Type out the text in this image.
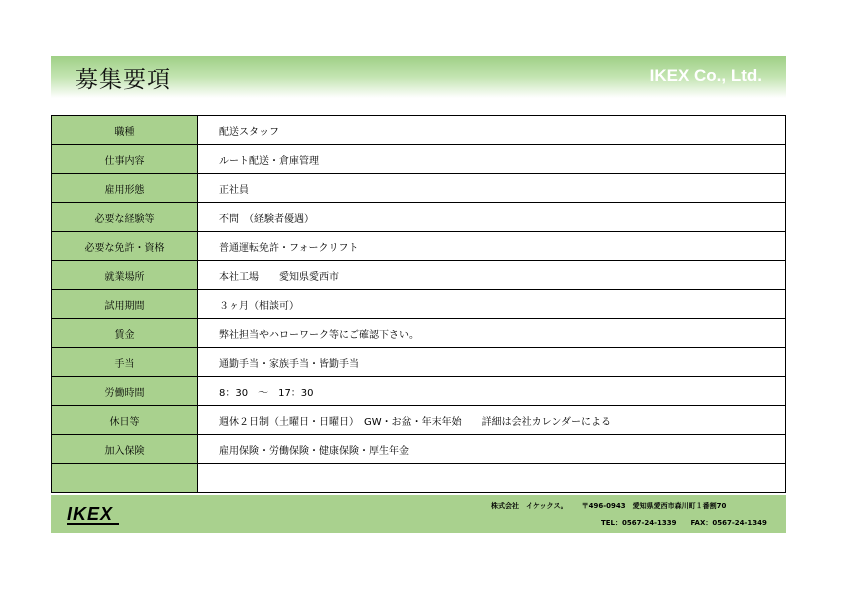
募集要項	IKEX Co., Ltd.
職種	配送スタッフ
仕事内容	ルート配送・倉庫管理
雇用形態	正社員
必要な経験等	不問　（経験者優遇）
必要な免許・資格	普通運転免許・フォークリフト
就業場所	本社工場　　愛知県愛西市
試用期間	３ヶ月（相談可）
賃金	弊社担当やハローワーク等にご確認下さい。
手当	通勤手当・家族手当・皆勤手当
労働時間	8：30　～　17：30
休日等	週休２日制（土曜日・日曜日）　GW・お盆・年末年始　　詳細は会社カレンダーによる
加入保険	雇用保険・労働保険・健康保険・厚生年金

IKEX	株式会社　イケックス。 〒496-0943　愛知県愛西市森川町１番割70
TEL：0567-24-1339 FAX：0567-24-1349
